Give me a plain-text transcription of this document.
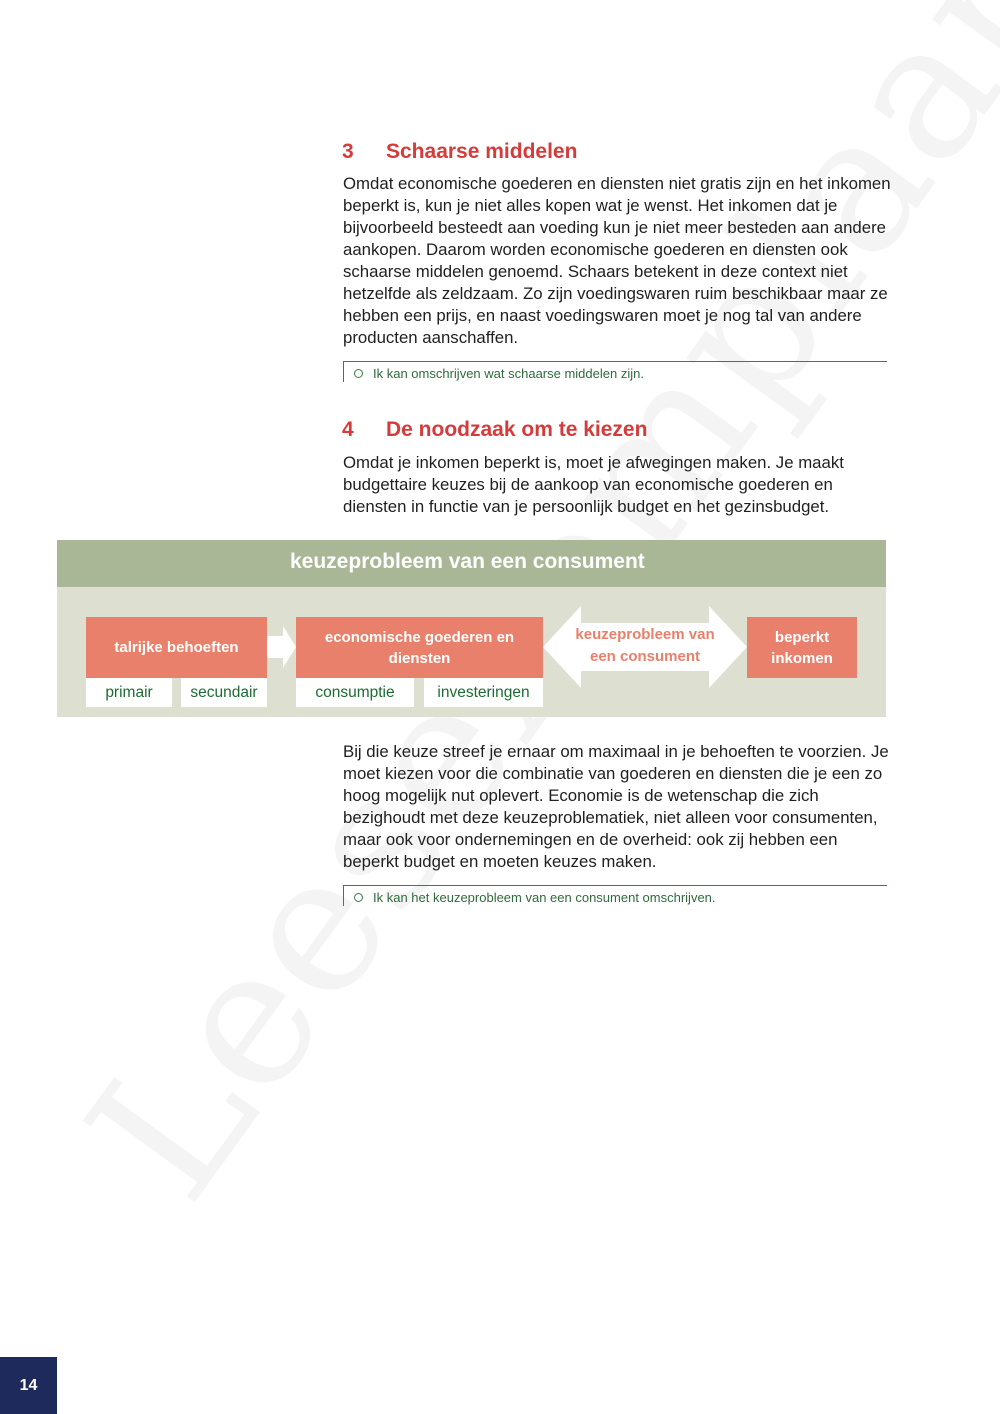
3	Schaarse middelen

Omdat economische goederen en diensten niet gratis zijn en het inkomen beperkt is, kun je niet alles kopen wat je wenst. Het inkomen dat je bijvoorbeeld besteedt aan voeding kun je niet meer besteden aan andere aankopen. Daarom worden economische goederen en diensten ook schaarse middelen genoemd. Schaars betekent in deze context niet hetzelfde als zeldzaam. Zo zijn voedingswaren ruim beschikbaar maar ze hebben een prijs, en naast voedingswaren moet je nog tal van andere producten aanschaffen.

Ik kan omschrijven wat schaarse middelen zijn.
4	De noodzaak om te kiezen

Omdat je inkomen beperkt is, moet je afwegingen maken. Je maakt budgettaire keuzes bij de aankoop van economische goederen en diensten in functie van je persoonlijk budget en het gezinsbudget.

keuzeprobleem van een consument
talrijke behoeften
primair secundair
economische goederen en diensten
consumptie	investeringen
keuzeprobleem van een consument
beperkt inkomen

Bij die keuze streef je ernaar om maximaal in je behoeften te voorzien. Je moet kiezen voor die combinatie van goederen en diensten die je een zo hoog mogelijk nut oplevert. Economie is de wetenschap die zich bezighoudt met deze keuzeproblematiek, niet alleen voor consumenten, maar ook voor ondernemingen en de overheid: ook zij hebben een beperkt budget en moeten keuzes maken.

Ik kan het keuzeprobleem van een consument omschrijven.
14
